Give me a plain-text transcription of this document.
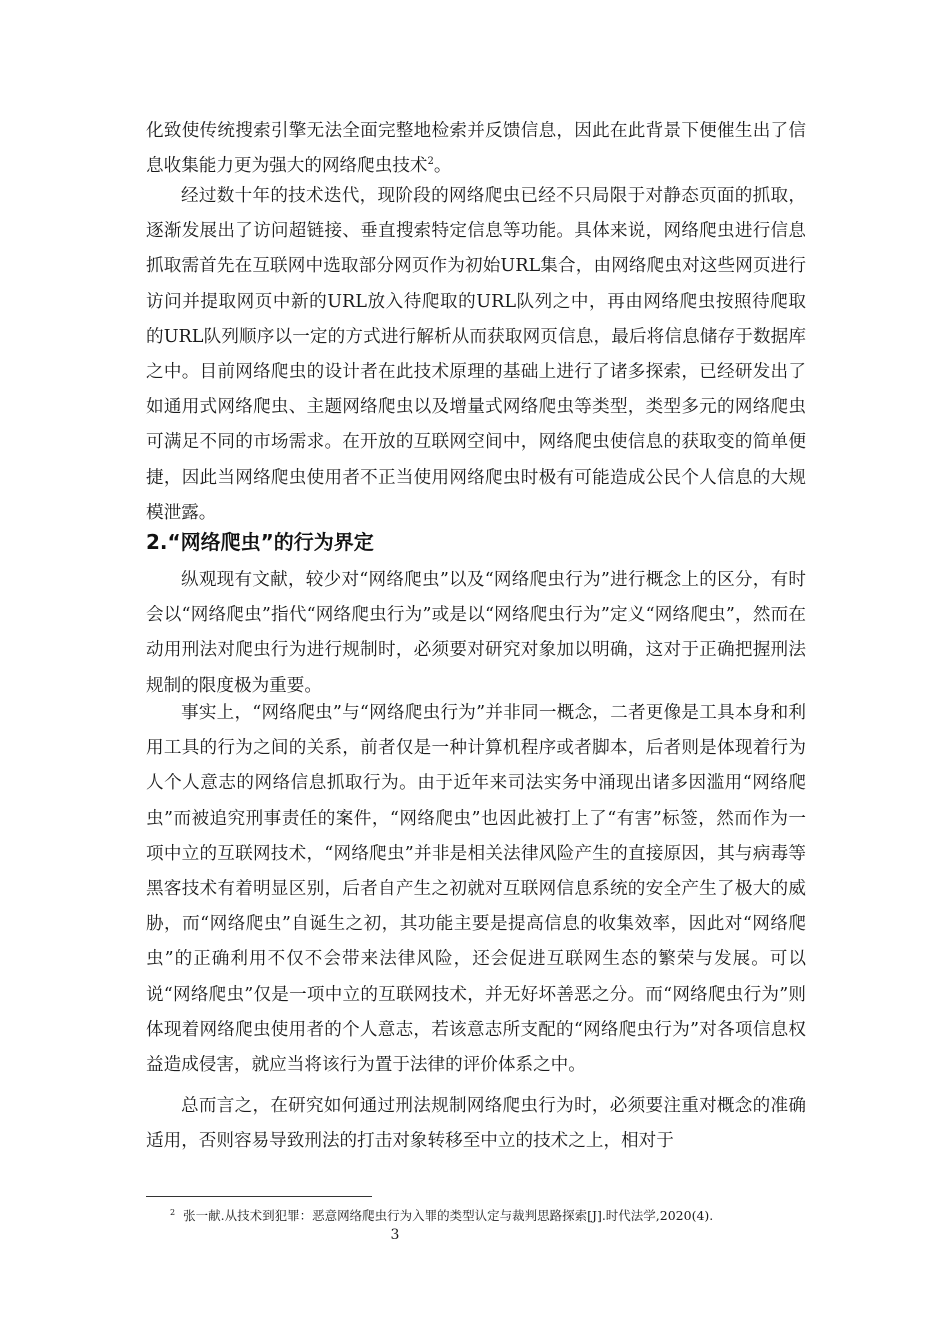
化致使传统搜索引擎无法全面完整地检索并反馈信息，因此在此背景下便催生出了信息收集能力更为强大的网络爬虫技术$^2$。

经过数十年的技术迭代，现阶段的网络爬虫已经不只局限于对静态页面的抓取，逐渐发展出了访问超链接、垂直搜索特定信息等功能。具体来说，网络爬虫进行信息抓取需首先在互联网中选取部分网页作为初始URL集合，由网络爬虫对这些网页进行访问并提取网页中新的URL放入待爬取的URL队列之中，再由网络爬虫按照待爬取的URL队列顺序以一定的方式进行解析从而获取网页信息，最后将信息储存于数据库之中。目前网络爬虫的设计者在此技术原理的基础上进行了诸多探索，已经研发出了如通用式网络爬虫、主题网络爬虫以及增量式网络爬虫等类型，类型多元的网络爬虫可满足不同的市场需求。在开放的互联网空间中，网络爬虫使信息的获取变的简单便捷，因此当网络爬虫使用者不正当使用网络爬虫时极有可能造成公民个人信息的大规模泄露。

2.“网络爬虫”的行为界定

纵观现有文献，较少对“网络爬虫”以及“网络爬虫行为”进行概念上的区分，有时会以“网络爬虫”指代“网络爬虫行为”或是以“网络爬虫行为”定义“网络爬虫”，然而在动用刑法对爬虫行为进行规制时，必须要对研究对象加以明确，这对于正确把握刑法规制的限度极为重要。

事实上，“网络爬虫”与“网络爬虫行为”并非同一概念，二者更像是工具本身和利用工具的行为之间的关系，前者仅是一种计算机程序或者脚本，后者则是体现着行为人个人意志的网络信息抓取行为。由于近年来司法实务中涌现出诸多因滥用“网络爬虫”而被追究刑事责任的案件，“网络爬虫”也因此被打上了“有害”标签，然而作为一项中立的互联网技术，“网络爬虫”并非是相关法律风险产生的直接原因，其与病毒等黑客技术有着明显区别，后者自产生之初就对互联网信息系统的安全产生了极大的威胁，而“网络爬虫”自诞生之初，其功能主要是提高信息的收集效率，因此对“网络爬虫”的正确利用不仅不会带来法律风险，还会促进互联网生态的繁荣与发展。可以说“网络爬虫”仅是一项中立的互联网技术，并无好坏善恶之分。而“网络爬虫行为”则体现着网络爬虫使用者的个人意志，若该意志所支配的“网络爬虫行为”对各项信息权益造成侵害，就应当将该行为置于法律的评价体系之中。

总而言之，在研究如何通过刑法规制网络爬虫行为时，必须要注重对概念的准确适用，否则容易导致刑法的打击对象转移至中立的技术之上，相对于

$^2$ 张一献.从技术到犯罪：恶意网络爬虫行为入罪的类型认定与裁判思路探索[J].时代法学,2020(4).

3
